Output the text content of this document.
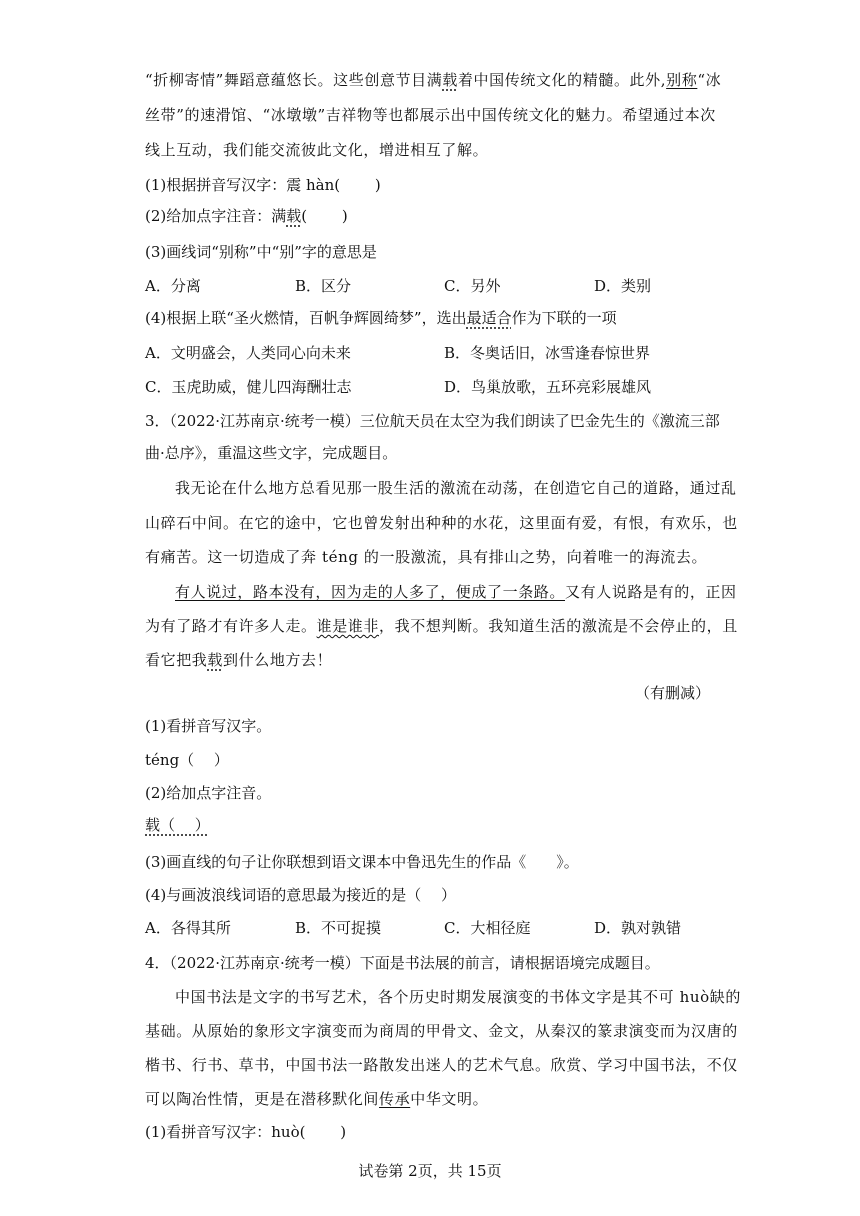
“折柳寄情”舞蹈意蕴悠长。这些创意节目满载着中国传统文化的精髓。此外,别称“冰
丝带”的速滑馆、“冰墩墩”吉祥物等也都展示出中国传统文化的魅力。希望通过本次
线上互动，我们能交流彼此文化，增进相互了解。
(1)根据拼音写汉字：震 hàn(　　 )
(2)给加点字注音：满载(　　 )
(3)画线词“别称”中“别”字的意思是
A．分离	B．区分	C．另外	D．类别
(4)根据上联“圣火燃情，百帆争辉圆绮梦”，选出最适合作为下联的一项
A．文明盛会，人类同心向未来	B．冬奥话旧，冰雪逢春惊世界
C．玉虎助威，健儿四海酬壮志	D．鸟巢放歌，五环亮彩展雄风
3．（2022·江苏南京·统考一模）三位航天员在太空为我们朗读了巴金先生的《激流三部
曲·总序》，重温这些文字，完成题目。
我无论在什么地方总看见那一股生活的激流在动荡，在创造它自己的道路，通过乱
山碎石中间。在它的途中，它也曾发射出种种的水花，这里面有爱，有恨，有欢乐，也
有痛苦。这一切造成了奔 téng 的一股激流，具有排山之势，向着唯一的海流去。
有人说过，路本没有，因为走的人多了，便成了一条路。又有人说路是有的，正因
为有了路才有许多人走。谁是谁非，我不想判断。我知道生活的激流是不会停止的，且
看它把我载到什么地方去！
（有删减）
(1)看拼音写汉字。
téng（　 ）
(2)给加点字注音。
载（　 ）
(3)画直线的句子让你联想到语文课本中鲁迅先生的作品《　　》。
(4)与画波浪线词语的意思最为接近的是（　 ）
A．各得其所	B．不可捉摸	C．大相径庭	D．孰对孰错
4．（2022·江苏南京·统考一模）下面是书法展的前言，请根据语境完成题目。
中国书法是文字的书写艺术，各个历史时期发展演变的书体文字是其不可 huò缺的
基础。从原始的象形文字演变而为商周的甲骨文、金文，从秦汉的篆隶演变而为汉唐的
楷书、行书、草书，中国书法一路散发出迷人的艺术气息。欣赏、学习中国书法，不仅
可以陶冶性情，更是在潜移默化间传承中华文明。
(1)看拼音写汉字：huò(　　 )
试卷第 2页，共 15页
